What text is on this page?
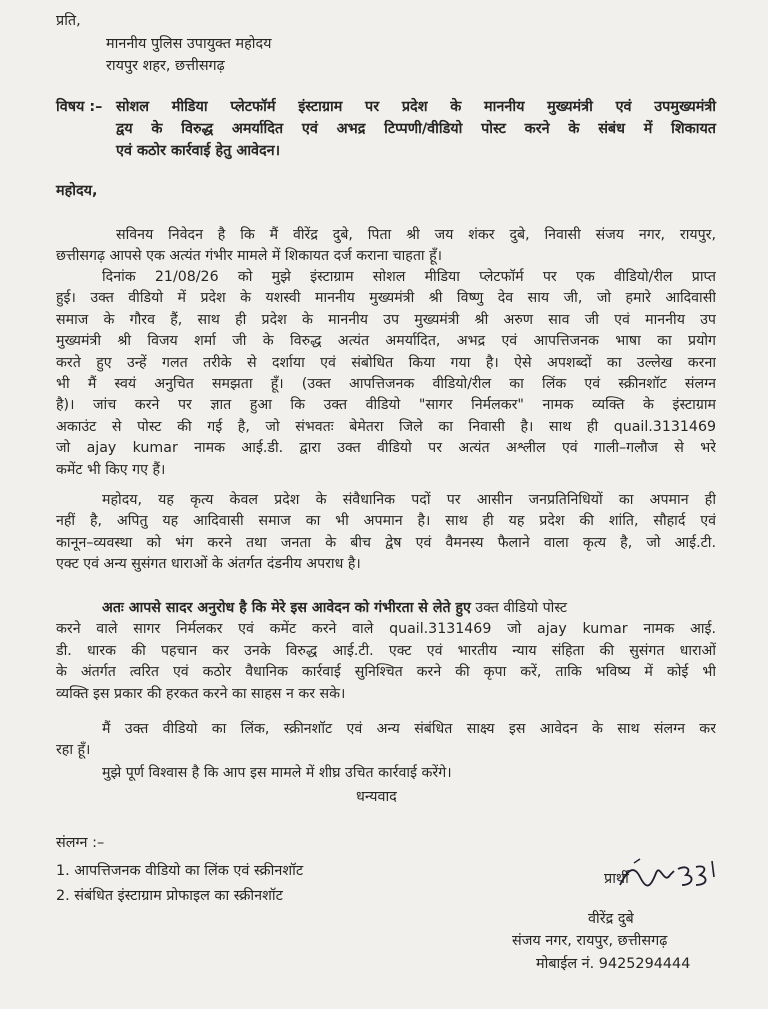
प्रति,
माननीय पुलिस उपायुक्त महोदय
रायपुर शहर, छत्तीसगढ़
विषय :– सोशल मीडिया प्लेटफॉर्म इंस्टाग्राम पर प्रदेश के माननीय मुख्यमंत्री एवं उपमुख्यमंत्री
द्वय के विरुद्ध अमर्यादित एवं अभद्र टिप्पणी/वीडियो पोस्ट करने के संबंध में शिकायत
एवं कठोर कार्रवाई हेतु आवेदन।
महोदय,
सविनय निवेदन है कि मैं वीरेंद्र दुबे, पिता श्री जय शंकर दुबे, निवासी संजय नगर, रायपुर,
छत्तीसगढ़ आपसे एक अत्यंत गंभीर मामले में शिकायत दर्ज कराना चाहता हूँ।
दिनांक 21/08/26 को मुझे इंस्टाग्राम सोशल मीडिया प्लेटफॉर्म पर एक वीडियो/रील प्राप्त
हुई। उक्त वीडियो में प्रदेश के यशस्वी माननीय मुख्यमंत्री श्री विष्णु देव साय जी, जो हमारे आदिवासी
समाज के गौरव हैं, साथ ही प्रदेश के माननीय उप मुख्यमंत्री श्री अरुण साव जी एवं माननीय उप
मुख्यमंत्री श्री विजय शर्मा जी के विरुद्ध अत्यंत अमर्यादित, अभद्र एवं आपत्तिजनक भाषा का प्रयोग
करते हुए उन्हें गलत तरीके से दर्शाया एवं संबोधित किया गया है। ऐसे अपशब्दों का उल्लेख करना
भी मैं स्वयं अनुचित समझता हूँ। (उक्त आपत्तिजनक वीडियो/रील का लिंक एवं स्क्रीनशॉट संलग्न
है)। जांच करने पर ज्ञात हुआ कि उक्त वीडियो "सागर निर्मलकर" नामक व्यक्ति के इंस्टाग्राम
अकाउंट से पोस्ट की गई है, जो संभवतः बेमेतरा जिले का निवासी है। साथ ही quail.3131469
जो ajay kumar नामक आई.डी. द्वारा उक्त वीडियो पर अत्यंत अश्लील एवं गाली–गलौज से भरे
कमेंट भी किए गए हैं।
महोदय, यह कृत्य केवल प्रदेश के संवैधानिक पदों पर आसीन जनप्रतिनिधियों का अपमान ही
नहीं है, अपितु यह आदिवासी समाज का भी अपमान है। साथ ही यह प्रदेश की शांति, सौहार्द एवं
कानून–व्यवस्था को भंग करने तथा जनता के बीच द्वेष एवं वैमनस्य फैलाने वाला कृत्य है, जो आई.टी.
एक्ट एवं अन्य सुसंगत धाराओं के अंतर्गत दंडनीय अपराध है।
अतः आपसे सादर अनुरोध है कि मेरे इस आवेदन को गंभीरता से लेते हुए उक्त वीडियो पोस्ट
करने वाले सागर निर्मलकर एवं कमेंट करने वाले quail.3131469 जो ajay kumar नामक आई.
डी. धारक की पहचान कर उनके विरुद्ध आई.टी. एक्ट एवं भारतीय न्याय संहिता की सुसंगत धाराओं
के अंतर्गत त्वरित एवं कठोर वैधानिक कार्रवाई सुनिश्चित करने की कृपा करें, ताकि भविष्य में कोई भी
व्यक्ति इस प्रकार की हरकत करने का साहस न कर सके।
मैं उक्त वीडियो का लिंक, स्क्रीनशॉट एवं अन्य संबंधित साक्ष्य इस आवेदन के साथ संलग्न कर
रहा हूँ।
मुझे पूर्ण विश्वास है कि आप इस मामले में शीघ्र उचित कार्रवाई करेंगे।
धन्यवाद
संलग्न :–
1. आपत्तिजनक वीडियो का लिंक एवं स्क्रीनशॉट
2. संबंधित इंस्टाग्राम प्रोफाइल का स्क्रीनशॉट
प्रार्थी
वीरेंद्र दुबे
संजय नगर, रायपुर, छत्तीसगढ़
मोबाईल नं. 9425294444
